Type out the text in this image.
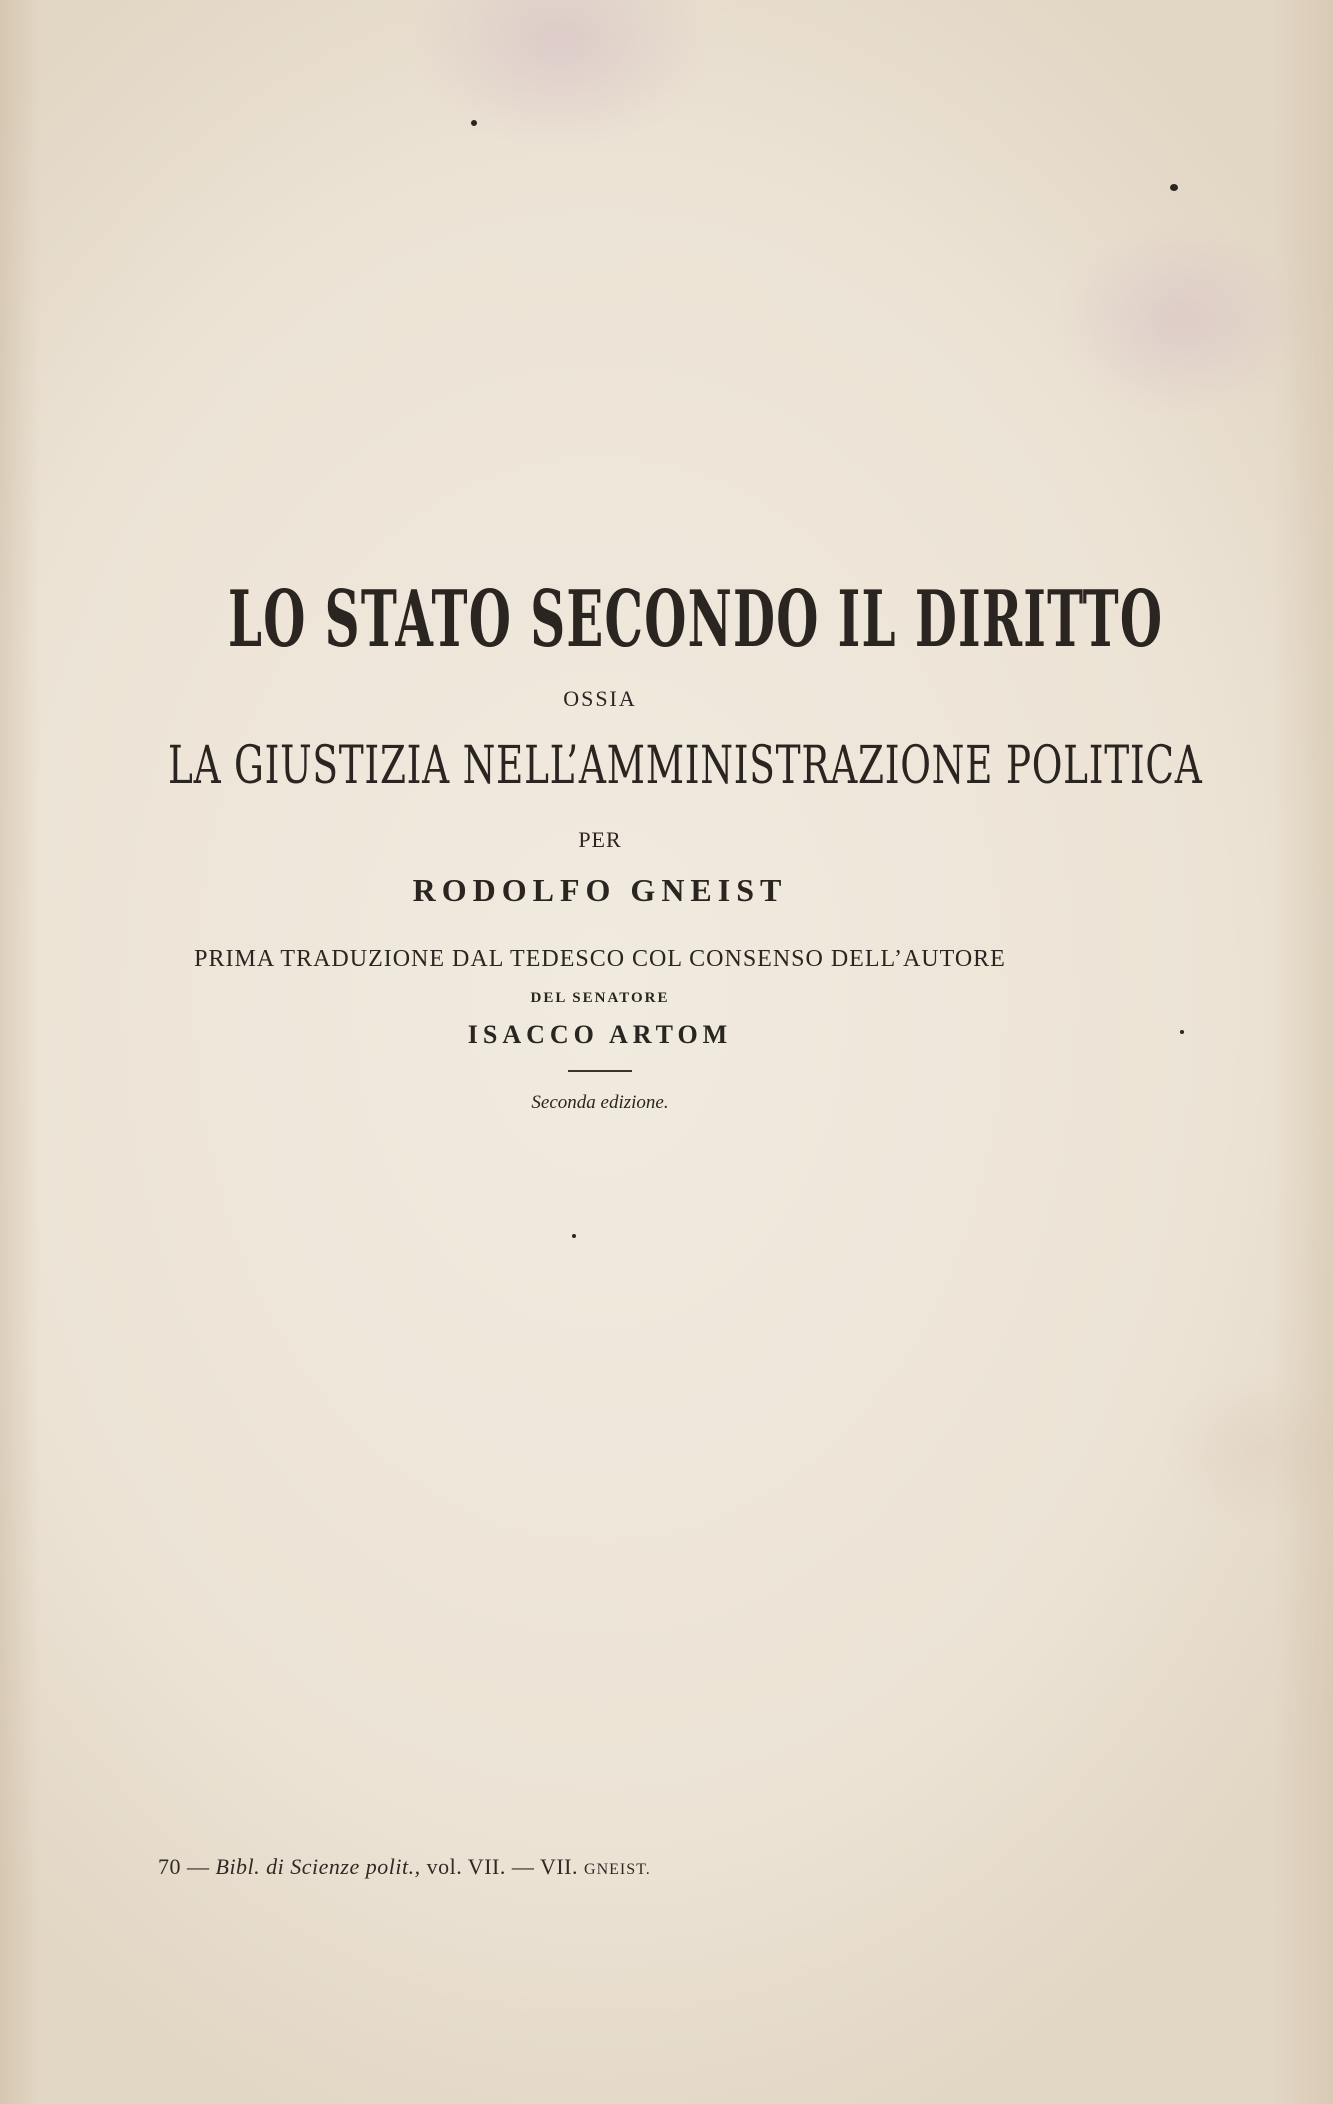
LO STATO SECONDO IL DIRITTO
OSSIA
LA GIUSTIZIA NELL’AMMINISTRAZIONE POLITICA
PER
RODOLFO GNEIST
PRIMA TRADUZIONE DAL TEDESCO COL CONSENSO DELL’AUTORE
DEL SENATORE
ISACCO ARTOM
Seconda edizione.
70 — Bibl. di Scienze polit., vol. VII. — VII. GNEIST.
